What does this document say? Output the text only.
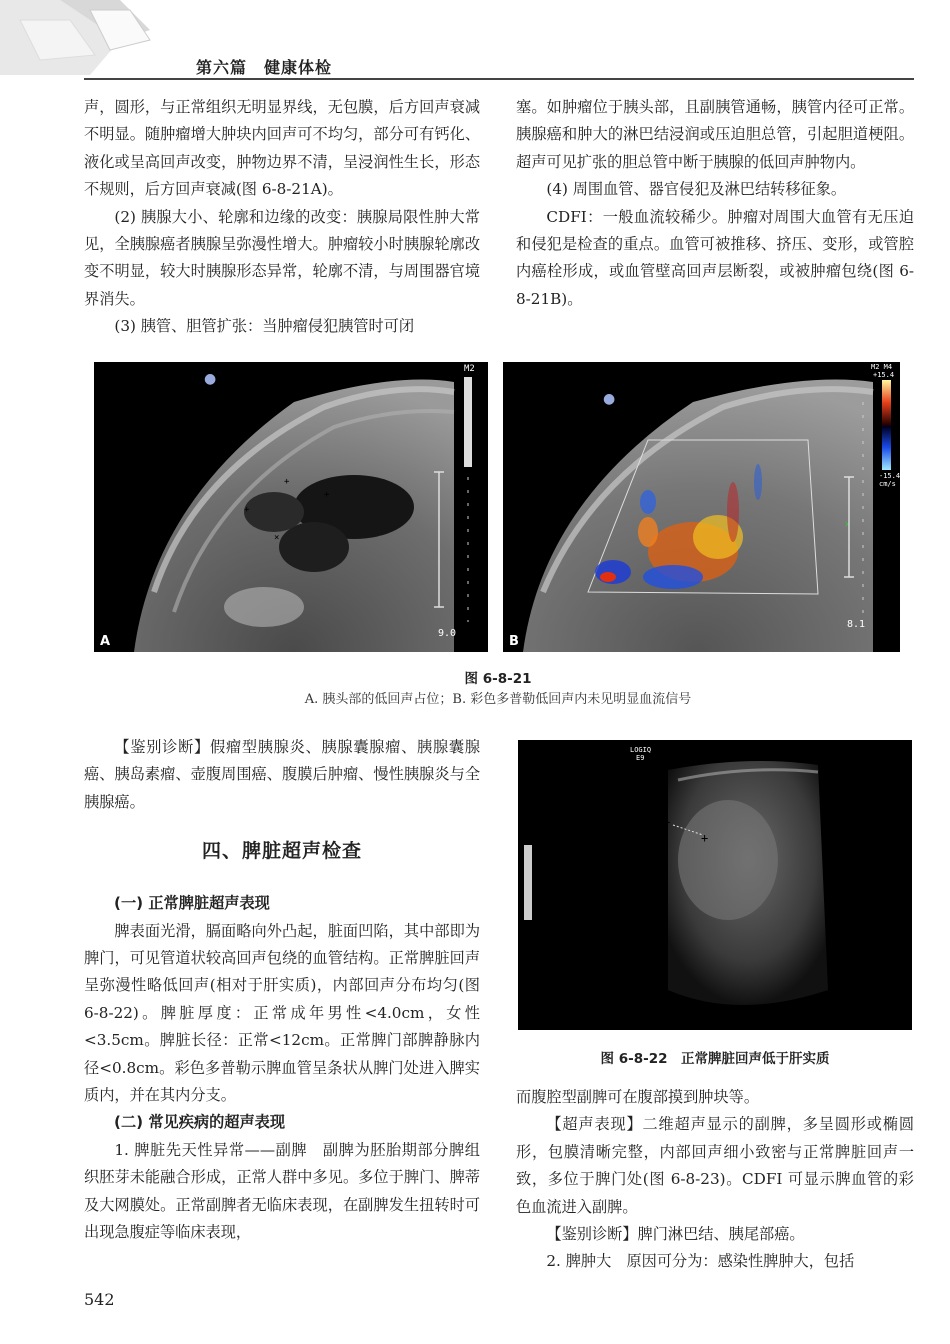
第六篇　健康体检

声，圆形，与正常组织无明显界线，无包膜，后方回声衰减不明显。随肿瘤增大肿块内回声可不均匀，部分可有钙化、液化或呈高回声改变，肿物边界不清，呈浸润性生长，形态不规则，后方回声衰减(图 6-8-21A)。

(2) 胰腺大小、轮廓和边缘的改变：胰腺局限性肿大常见，全胰腺癌者胰腺呈弥漫性增大。肿瘤较小时胰腺轮廓改变不明显，较大时胰腺形态异常，轮廓不清，与周围器官境界消失。

(3) 胰管、胆管扩张：当肿瘤侵犯胰管时可闭

塞。如肿瘤位于胰头部，且副胰管通畅，胰管内径可正常。胰腺癌和肿大的淋巴结浸润或压迫胆总管，引起胆道梗阻。超声可见扩张的胆总管中断于胰腺的低回声肿物内。

(4) 周围血管、器官侵犯及淋巴结转移征象。

CDFI：一般血流较稀少。肿瘤对周围大血管有无压迫和侵犯是检查的重点。血管可被推移、挤压、变形，或管腔内癌栓形成，或血管壁高回声层断裂，或被肿瘤包绕(图 6-8-21B)。

●
+
+
+
×
M2
9.0
A
●
×
M2 M4
+15.4
-15.4
cm/s
8.1
B
图 6-8-21
A. 胰头部的低回声占位；B. 彩色多普勒低回声内未见明显血流信号

【鉴别诊断】假瘤型胰腺炎、胰腺囊腺瘤、胰腺囊腺癌、胰岛素瘤、壶腹周围癌、腹膜后肿瘤、慢性胰腺炎与全胰腺癌。

四、脾脏超声检查
(一) 正常脾脏超声表现

脾表面光滑，膈面略向外凸起，脏面凹陷，其中部即为脾门，可见管道状较高回声包绕的血管结构。正常脾脏回声呈弥漫性略低回声(相对于肝实质)，内部回声分布均匀(图 6-8-22)。脾脏厚度：正常成年男性<4.0cm，女性<3.5cm。脾脏长径：正常<12cm。正常脾门部脾静脉内径<0.8cm。彩色多普勒示脾血管呈条状从脾门处进入脾实质内，并在其内分支。

(二) 常见疾病的超声表现

1. 脾脏先天性异常——副脾　副脾为胚胎期部分脾组织胚芽未能融合形成，正常人群中多见。多位于脾门、脾蒂及大网膜处。正常副脾者无临床表现，在副脾发生扭转时可出现急腹症等临床表现，

+
+
LOGIQ
E9
图 6-8-22　正常脾脏回声低于肝实质

而腹腔型副脾可在腹部摸到肿块等。

【超声表现】二维超声显示的副脾，多呈圆形或椭圆形，包膜清晰完整，内部回声细小致密与正常脾脏回声一致，多位于脾门处(图 6-8-23)。CDFI 可显示脾血管的彩色血流进入副脾。

【鉴别诊断】脾门淋巴结、胰尾部癌。

2. 脾肿大　原因可分为：感染性脾肿大，包括

542
